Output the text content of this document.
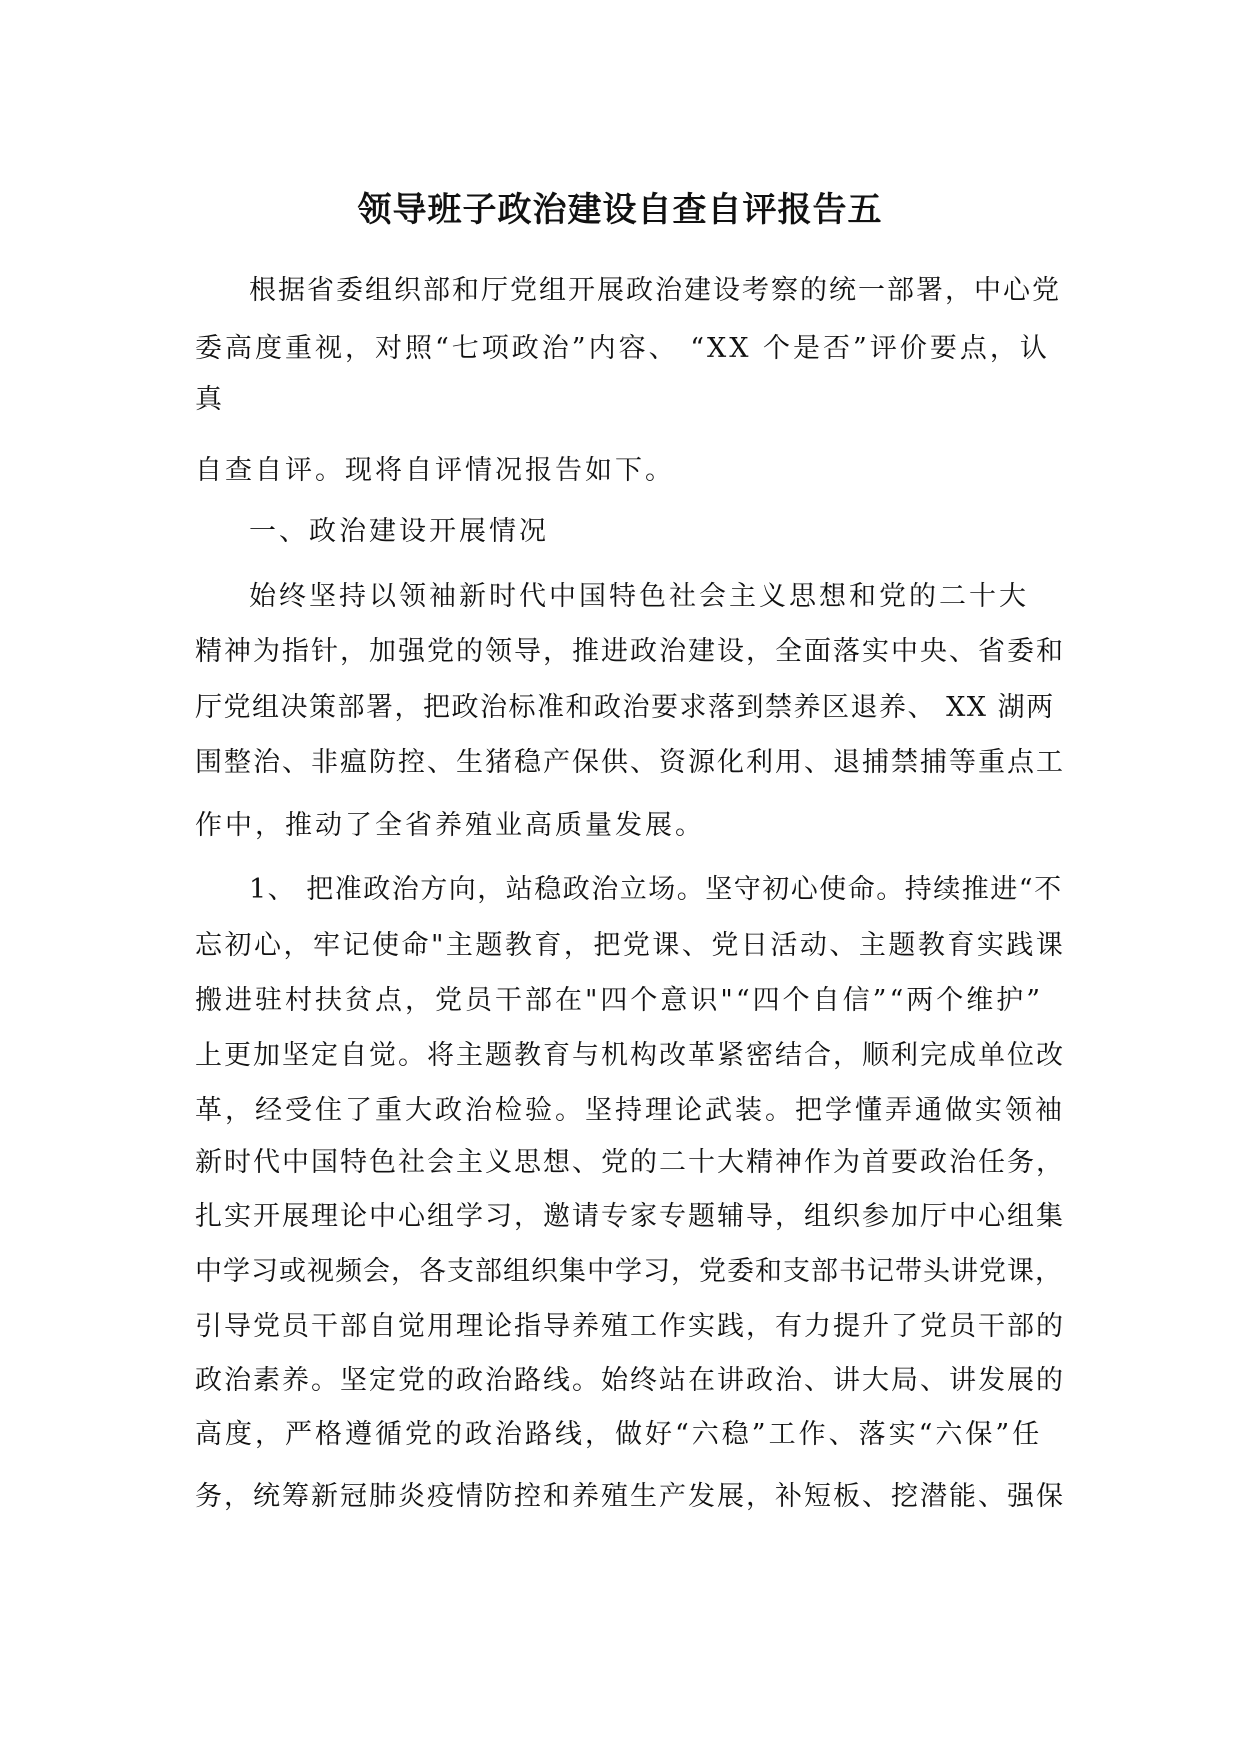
领导班子政治建设自查自评报告五
根据省委组织部和厅党组开展政治建设考察的统一部署，中心党
委高度重视，对照“七项政治”内容、 “XX 个是否”评价要点，认
真
自查自评。现将自评情况报告如下。
一、政治建设开展情况
始终坚持以领袖新时代中国特色社会主义思想和党的二十大
精神为指针，加强党的领导，推进政治建设，全面落实中央、省委和
厅党组决策部署，把政治标准和政治要求落到禁养区退养、 XX 湖两
围整治、非瘟防控、生猪稳产保供、资源化利用、退捕禁捕等重点工
作中，推动了全省养殖业高质量发展。
1、 把准政治方向，站稳政治立场。坚守初心使命。持续推进“不
忘初心，牢记使命"主题教育，把党课、党日活动、主题教育实践课
搬进驻村扶贫点，党员干部在"四个意识"“四个自信”“两个维护”
上更加坚定自觉。将主题教育与机构改革紧密结合，顺利完成单位改
革，经受住了重大政治检验。坚持理论武装。把学懂弄通做实领袖
新时代中国特色社会主义思想、党的二十大精神作为首要政治任务，
扎实开展理论中心组学习，邀请专家专题辅导，组织参加厅中心组集
中学习或视频会，各支部组织集中学习，党委和支部书记带头讲党课，
引导党员干部自觉用理论指导养殖工作实践，有力提升了党员干部的
政治素养。坚定党的政治路线。始终站在讲政治、讲大局、讲发展的
高度，严格遵循党的政治路线，做好“六稳”工作、落实“六保”任
务，统筹新冠肺炎疫情防控和养殖生产发展，补短板、挖潜能、强保
